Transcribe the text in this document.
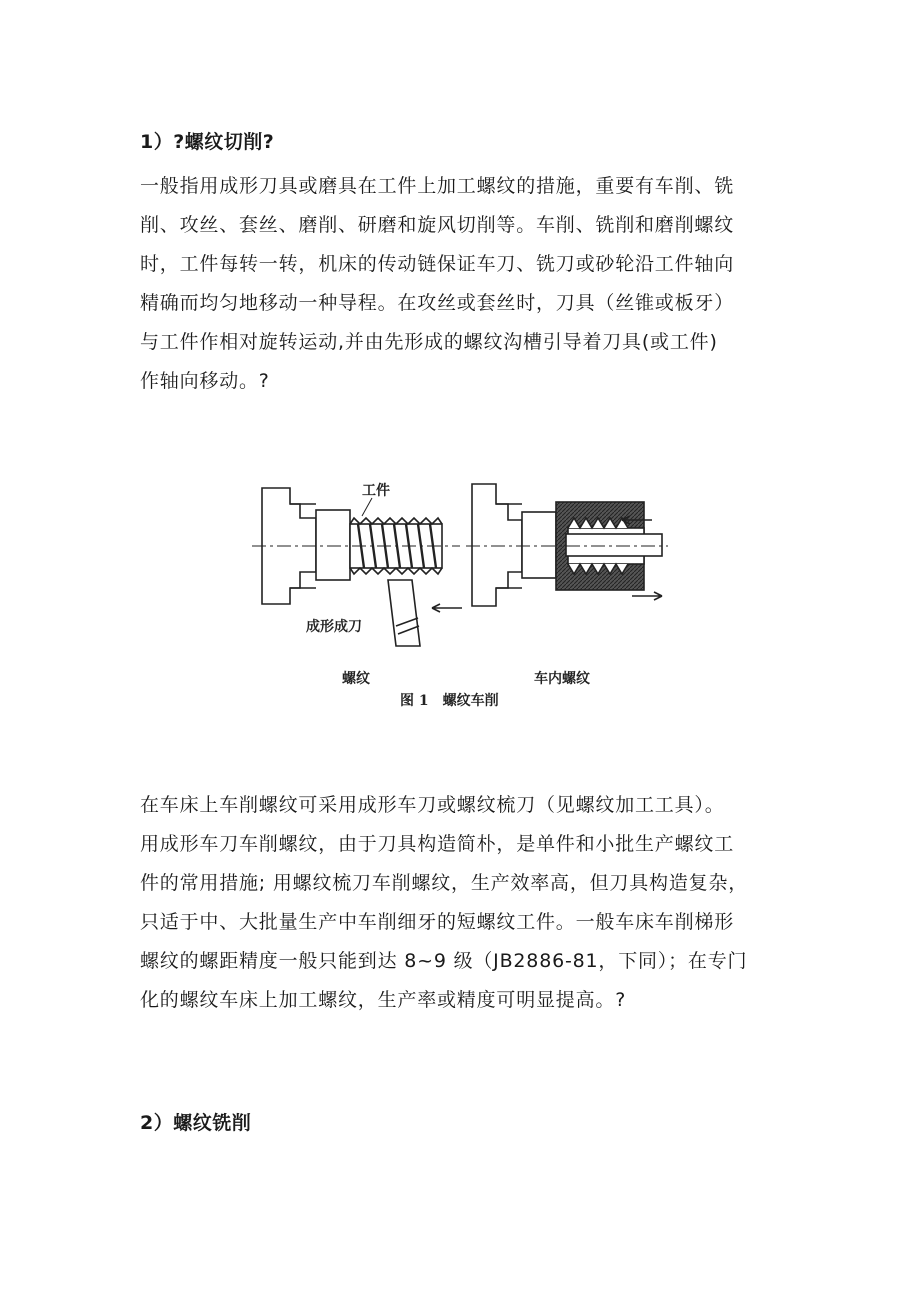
1）?螺纹切削?
一般指用成形刀具或磨具在工件上加工螺纹的措施，重要有车削、铣
削、攻丝、套丝、磨削、研磨和旋风切削等。车削、铣削和磨削螺纹
时，工件每转一转，机床的传动链保证车刀、铣刀或砂轮沿工件轴向
精确而均匀地移动一种导程。在攻丝或套丝时，刀具（丝锥或板牙）
与工件作相对旋转运动,并由先形成的螺纹沟槽引导着刀具(或工件)
作轴向移动。?
工件
成形成刀
螺纹	车内螺纹
图 1　螺纹车削
在车床上车削螺纹可采用成形车刀或螺纹梳刀（见螺纹加工工具）。
用成形车刀车削螺纹，由于刀具构造简朴，是单件和小批生产螺纹工
件的常用措施; 用螺纹梳刀车削螺纹，生产效率高，但刀具构造复杂，
只适于中、大批量生产中车削细牙的短螺纹工件。一般车床车削梯形
螺纹的螺距精度一般只能到达 8~9 级（JB2886-81，下同）；在专门
化的螺纹车床上加工螺纹，生产率或精度可明显提高。?
2）螺纹铣削
